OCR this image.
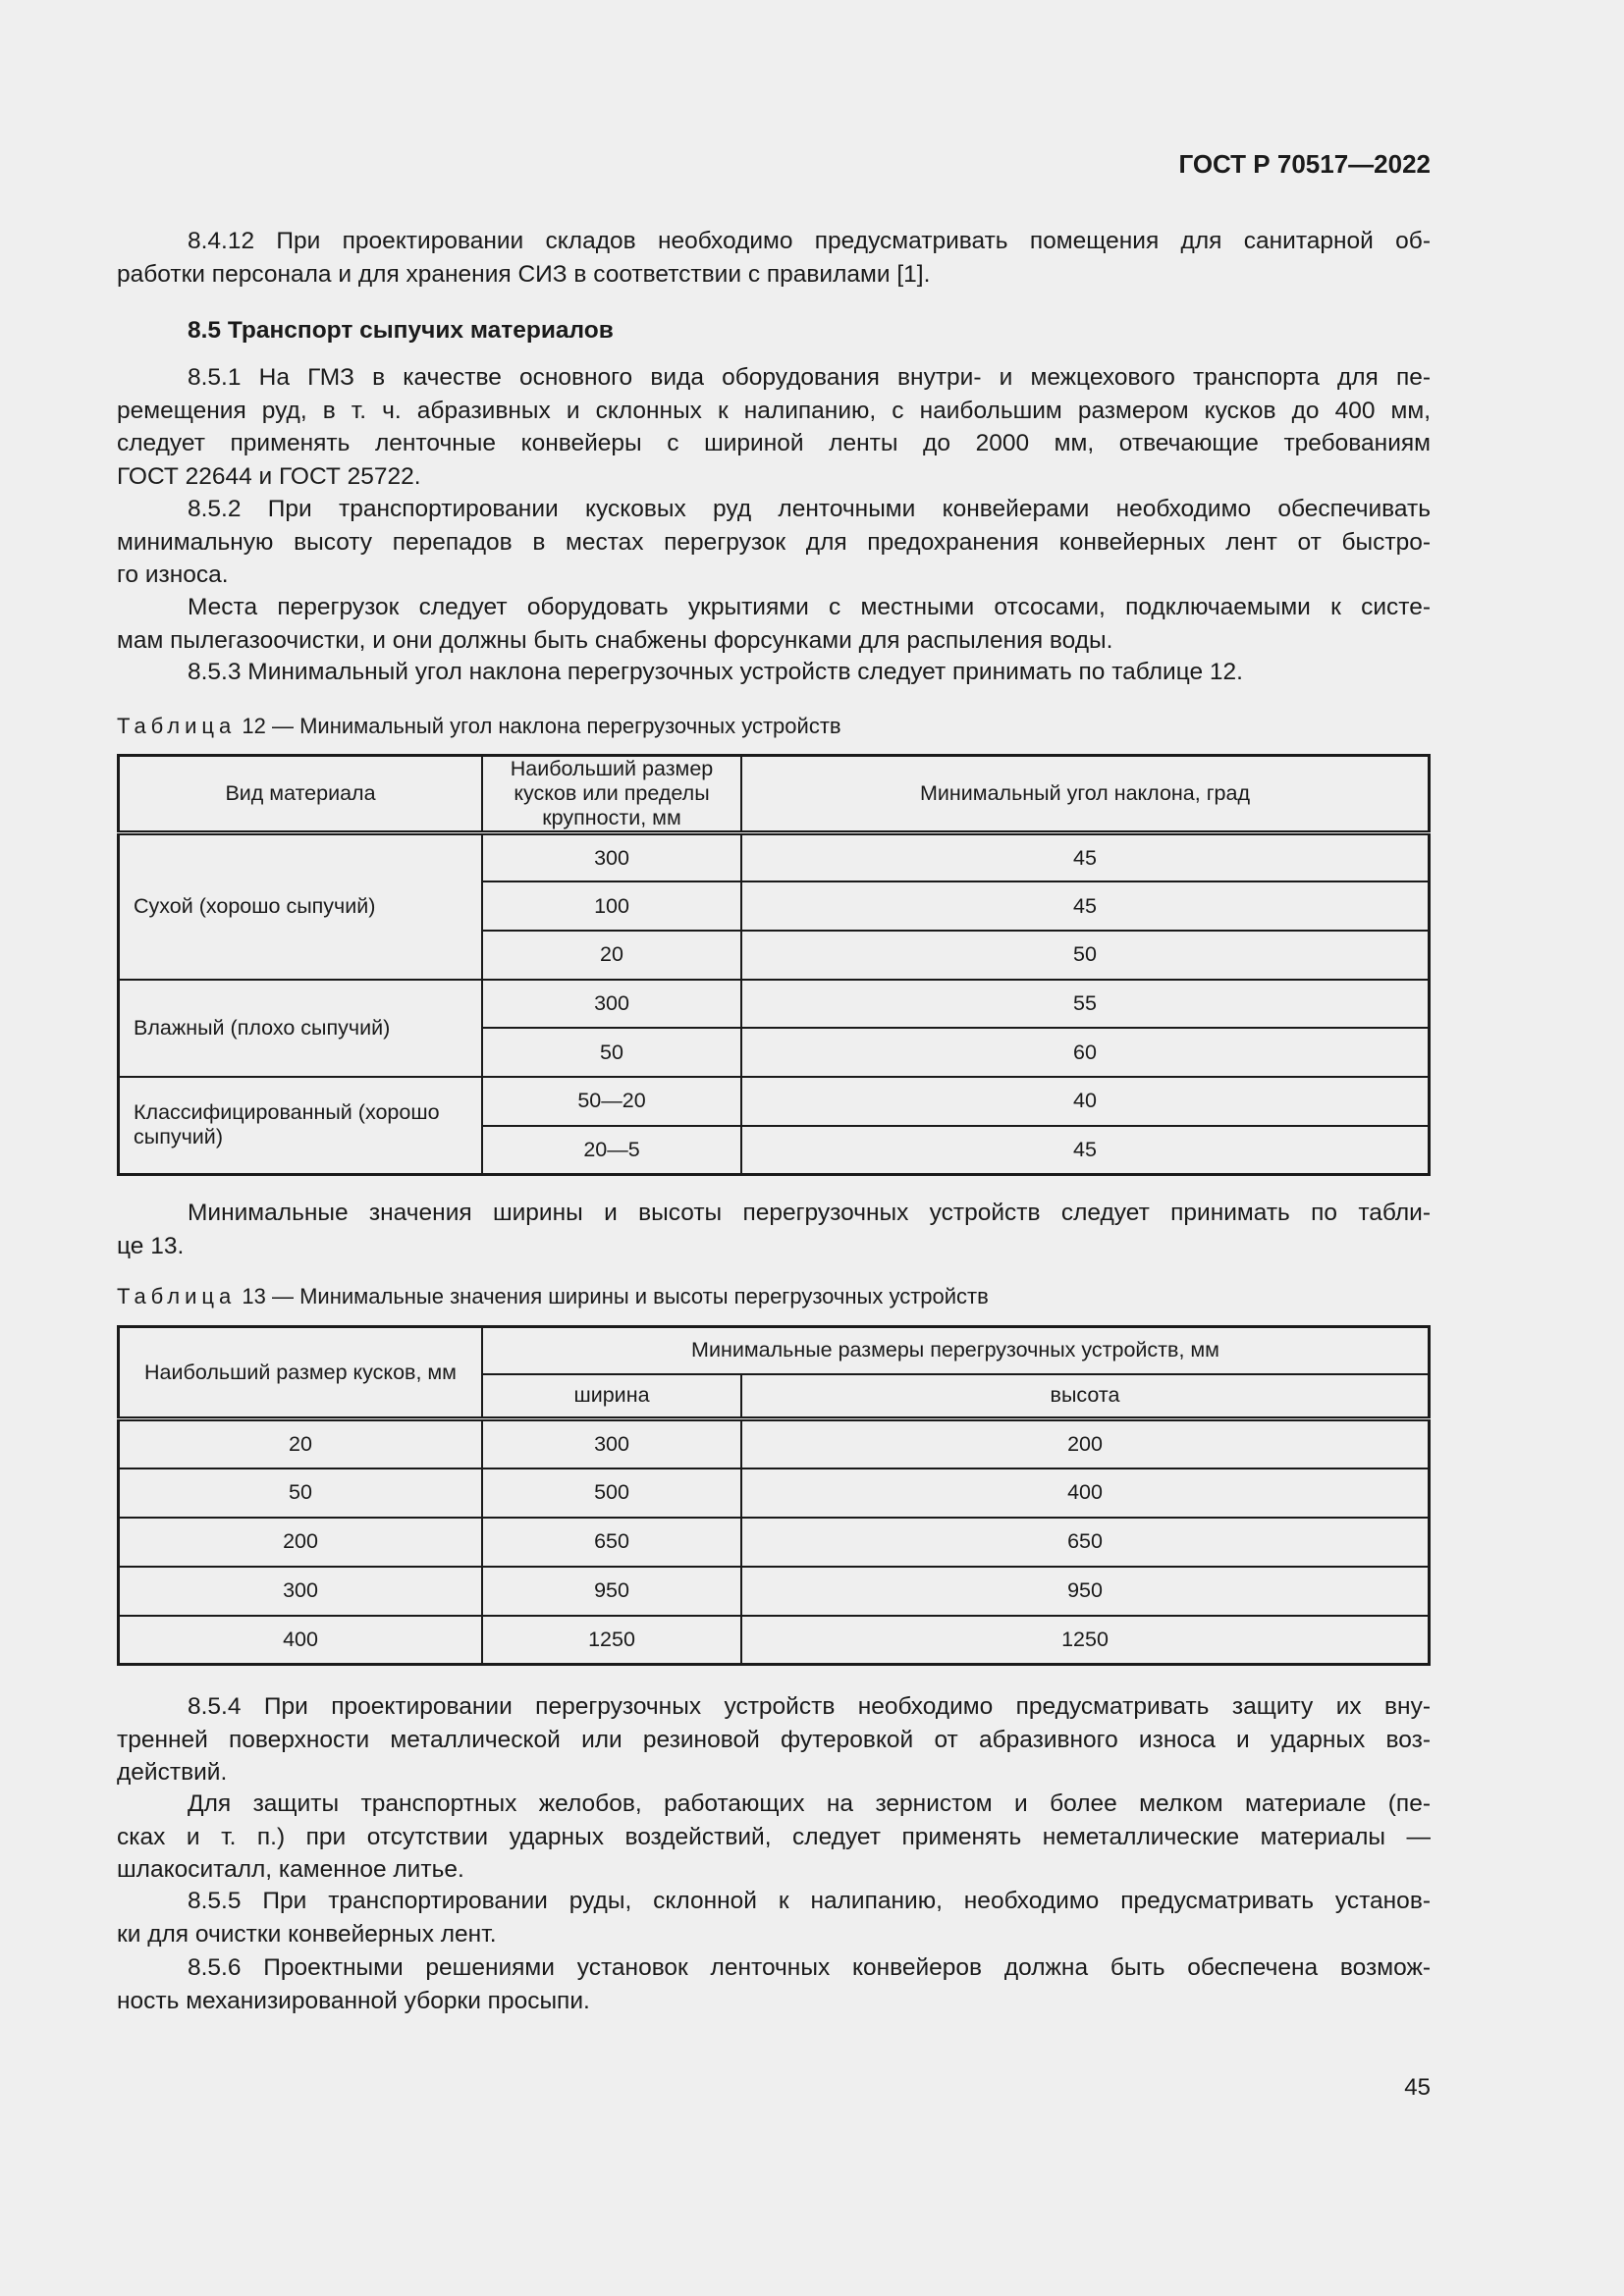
ГОСТ Р 70517—2022
8.4.12 При проектировании складов необходимо предусматривать помещения для санитарной об-
работки персонала и для хранения СИЗ в соответствии с правилами [1].
8.5 Транспорт сыпучих материалов
8.5.1 На ГМЗ в качестве основного вида оборудования внутри- и межцехового транспорта для пе-
ремещения руд, в т. ч. абразивных и склонных к налипанию, с наибольшим размером кусков до 400 мм,
следует применять ленточные конвейеры с шириной ленты до 2000 мм, отвечающие требованиям
ГОСТ 22644 и ГОСТ 25722.
8.5.2 При транспортировании кусковых руд ленточными конвейерами необходимо обеспечивать
минимальную высоту перепадов в местах перегрузок для предохранения конвейерных лент от быстро-
го износа.
Места перегрузок следует оборудовать укрытиями с местными отсосами, подключаемыми к систе-
мам пылегазоочистки, и они должны быть снабжены форсунками для распыления воды.
8.5.3 Минимальный угол наклона перегрузочных устройств следует принимать по таблице 12.
Минимальные значения ширины и высоты перегрузочных устройств следует принимать по табли-
це 13.
8.5.4 При проектировании перегрузочных устройств необходимо предусматривать защиту их вну-
тренней поверхности металлической или резиновой футеровкой от абразивного износа и ударных воз-
действий.
Для защиты транспортных желобов, работающих на зернистом и более мелком материале (пе-
сках и т. п.) при отсутствии ударных воздействий, следует применять неметаллические материалы —
шлакоситалл, каменное литье.
8.5.5 При транспортировании руды, склонной к налипанию, необходимо предусматривать установ-
ки для очистки конвейерных лент.
8.5.6 Проектными решениями установок ленточных конвейеров должна быть обеспечена возмож-
ность механизированной уборки просыпи.
Таблица 12 — Минимальный угол наклона перегрузочных устройств
Вид материала	Наибольший размер кусков или пределы крупности, мм	Минимальный угол наклона, град
Сухой (хорошо сыпучий)	300	45
	100	45
	20	50
Влажный (плохо сыпучий)	300	55
	50	60
Классифицированный (хорошо сыпучий)	50—20	40
	20—5	45
Таблица 13 — Минимальные значения ширины и высоты перегрузочных устройств
Наибольший размер кусков, мм	Минимальные размеры перегрузочных устройств, мм	
	ширина	высота
20	300	200
50	500	400
200	650	650
300	950	950
400	1250	1250
45
